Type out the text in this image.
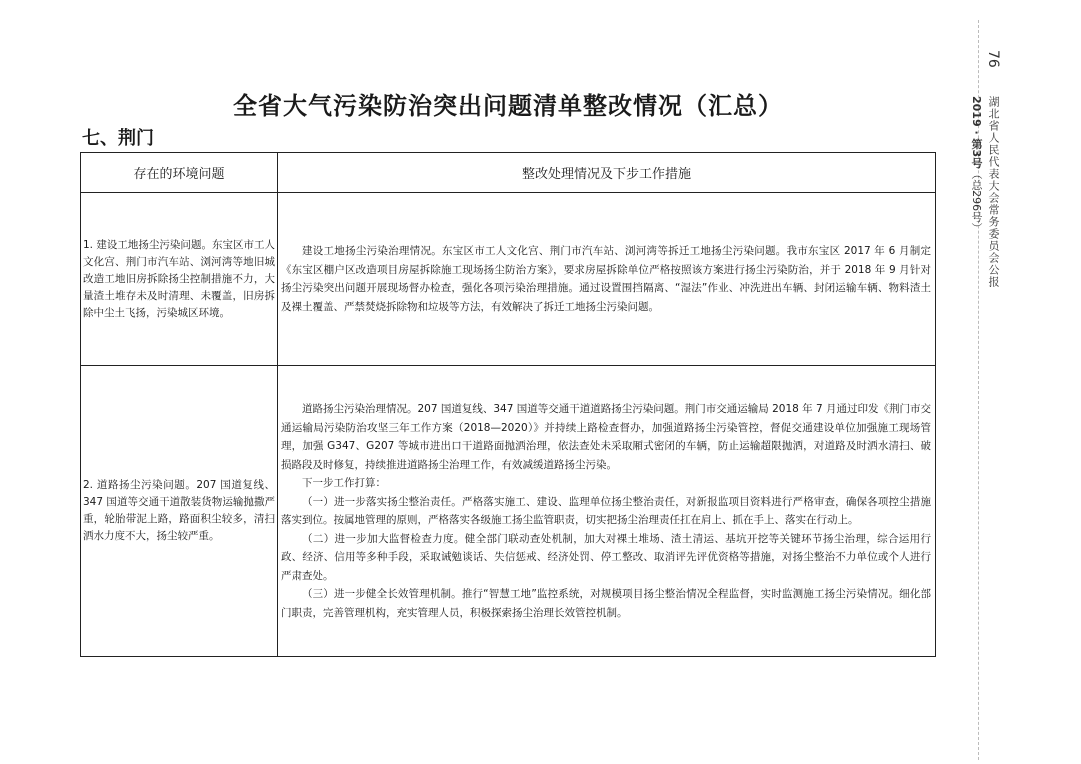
全省大气污染防治突出问题清单整改情况（汇总）
七、荆门
存在的环境问题	整改处理情况及下步工作措施
1. 建设工地扬尘污染问题。东宝区市工人文化宫、荆门市汽车站、浏河湾等地旧城改造工地旧房拆除扬尘控制措施不力，大量渣土堆存未及时清理、未覆盖，旧房拆除中尘土飞扬，污染城区环境。	建设工地扬尘污染治理情况。东宝区市工人文化宫、荆门市汽车站、浏河湾等拆迁工地扬尘污染问题。我市东宝区 2017 年 6 月制定《东宝区棚户区改造项目房屋拆除施工现场扬尘防治方案》，要求房屋拆除单位严格按照该方案进行扬尘污染防治，并于 2018 年 9 月针对扬尘污染突出问题开展现场督办检查，强化各项污染治理措施。通过设置围挡隔离、“湿法”作业、冲洗进出车辆、封闭运输车辆、物料渣土及裸土覆盖、严禁焚烧拆除物和垃圾等方法，有效解决了拆迁工地扬尘污染问题。

2. 道路扬尘污染问题。207 国道复线、347 国道等交通干道散装货物运输抛撒严重，轮胎带泥上路，路面积尘较多，清扫洒水力度不大，扬尘较严重。	道路扬尘污染治理情况。207 国道复线、347 国道等交通干道道路扬尘污染问题。荆门市交通运输局 2018 年 7 月通过印发《荆门市交通运输局污染防治攻坚三年工作方案（2018—2020）》并持续上路检查督办，加强道路扬尘污染管控，督促交通建设单位加强施工现场管理，加强 G347、G207 等城市进出口干道路面抛洒治理，依法查处未采取厢式密闭的车辆，防止运输超限抛洒，对道路及时洒水清扫、破损路段及时修复，持续推进道路扬尘治理工作，有效减缓道路扬尘污染。

下一步工作打算：

（一）进一步落实扬尘整治责任。严格落实施工、建设、监理单位扬尘整治责任，对新报监项目资料进行严格审查，确保各项控尘措施落实到位。按属地管理的原则，严格落实各级施工扬尘监管职责，切实把扬尘治理责任扛在肩上、抓在手上、落实在行动上。

（二）进一步加大监督检查力度。健全部门联动查处机制，加大对裸土堆场、渣土清运、基坑开挖等关键环节扬尘治理，综合运用行政、经济、信用等多种手段，采取诫勉谈话、失信惩戒、经济处罚、停工整改、取消评先评优资格等措施，对扬尘整治不力单位或个人进行严肃查处。

（三）进一步健全长效管理机制。推行“智慧工地”监控系统，对规模项目扬尘整治情况全程监督，实时监测施工扬尘污染情况。细化部门职责，完善管理机构，充实管理人员，积极探索扬尘治理长效管控机制。

76
湖北省人民代表大会常务委员会公报
2019 · 第3号（总296号）
